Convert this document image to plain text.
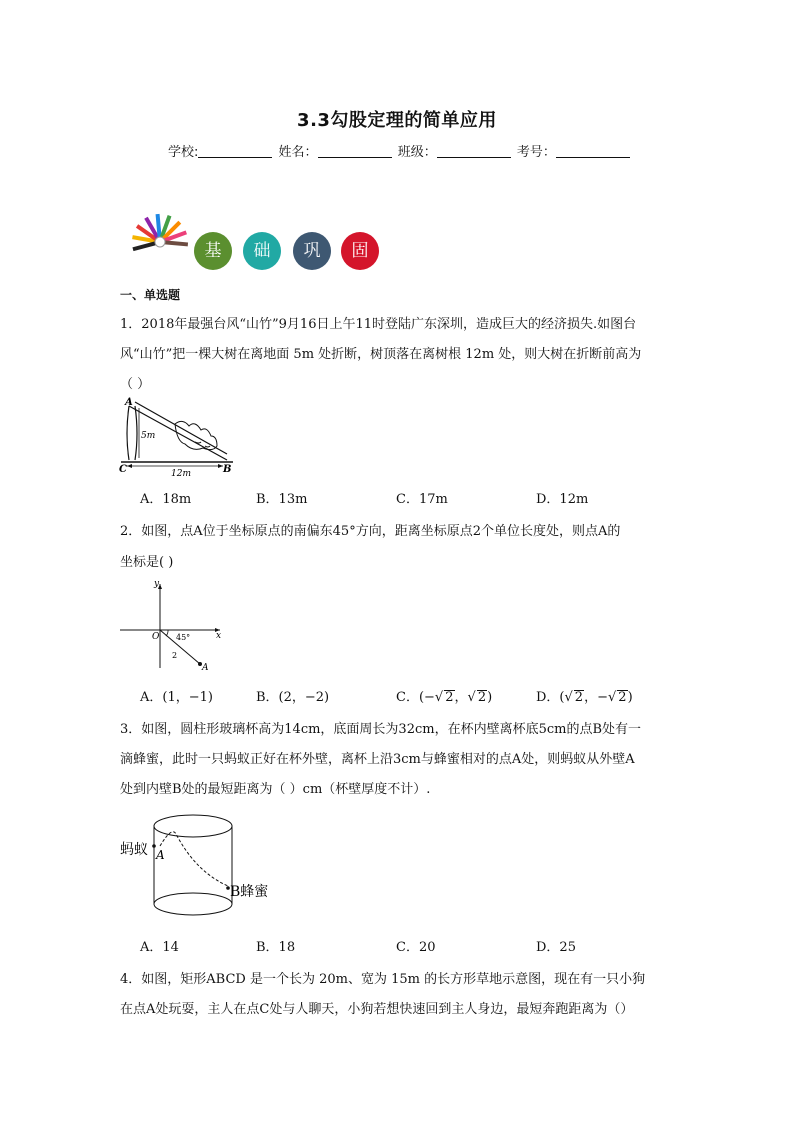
3.3勾股定理的简单应用
学校:	姓名：	班级：	考号：
基	础	巩	固
一、单选题
1．2018年最强台风“山竹”9月16日上午11时登陆广东深圳，造成巨大的经济损失.如图台
风“山竹”把一棵大树在离地面 5m 处折断，树顶落在离树根 12m 处，则大树在折断前高为
（ ）
A
5m
C	12m	B
A．18m	B．13m	C．17m	D．12m
2．如图，点A位于坐标原点的南偏东45°方向，距离坐标原点2个单位长度处，则点A的
坐标是( )
y
O 45°	x
2
A
A．(1，−1)	B．(2，−2)	C．(−√ 2，√ 2)	D．(√ 2，−√ 2)
3．如图，圆柱形玻璃杯高为14cm，底面周长为32cm，在杯内壁离杯底5cm的点B处有一
滴蜂蜜，此时一只蚂蚁正好在杯外壁，离杯上沿3cm与蜂蜜相对的点A处，则蚂蚁从外壁A
处到内壁B处的最短距离为（ ）cm（杯壁厚度不计）.
蚂蚁 A
B蜂蜜
A．14	B．18	C．20	D．25
4．如图，矩形ABCD 是一个长为 20m、宽为 15m 的长方形草地示意图，现在有一只小狗
在点A处玩耍，主人在点C处与人聊天，小狗若想快速回到主人身边，最短奔跑距离为（）
